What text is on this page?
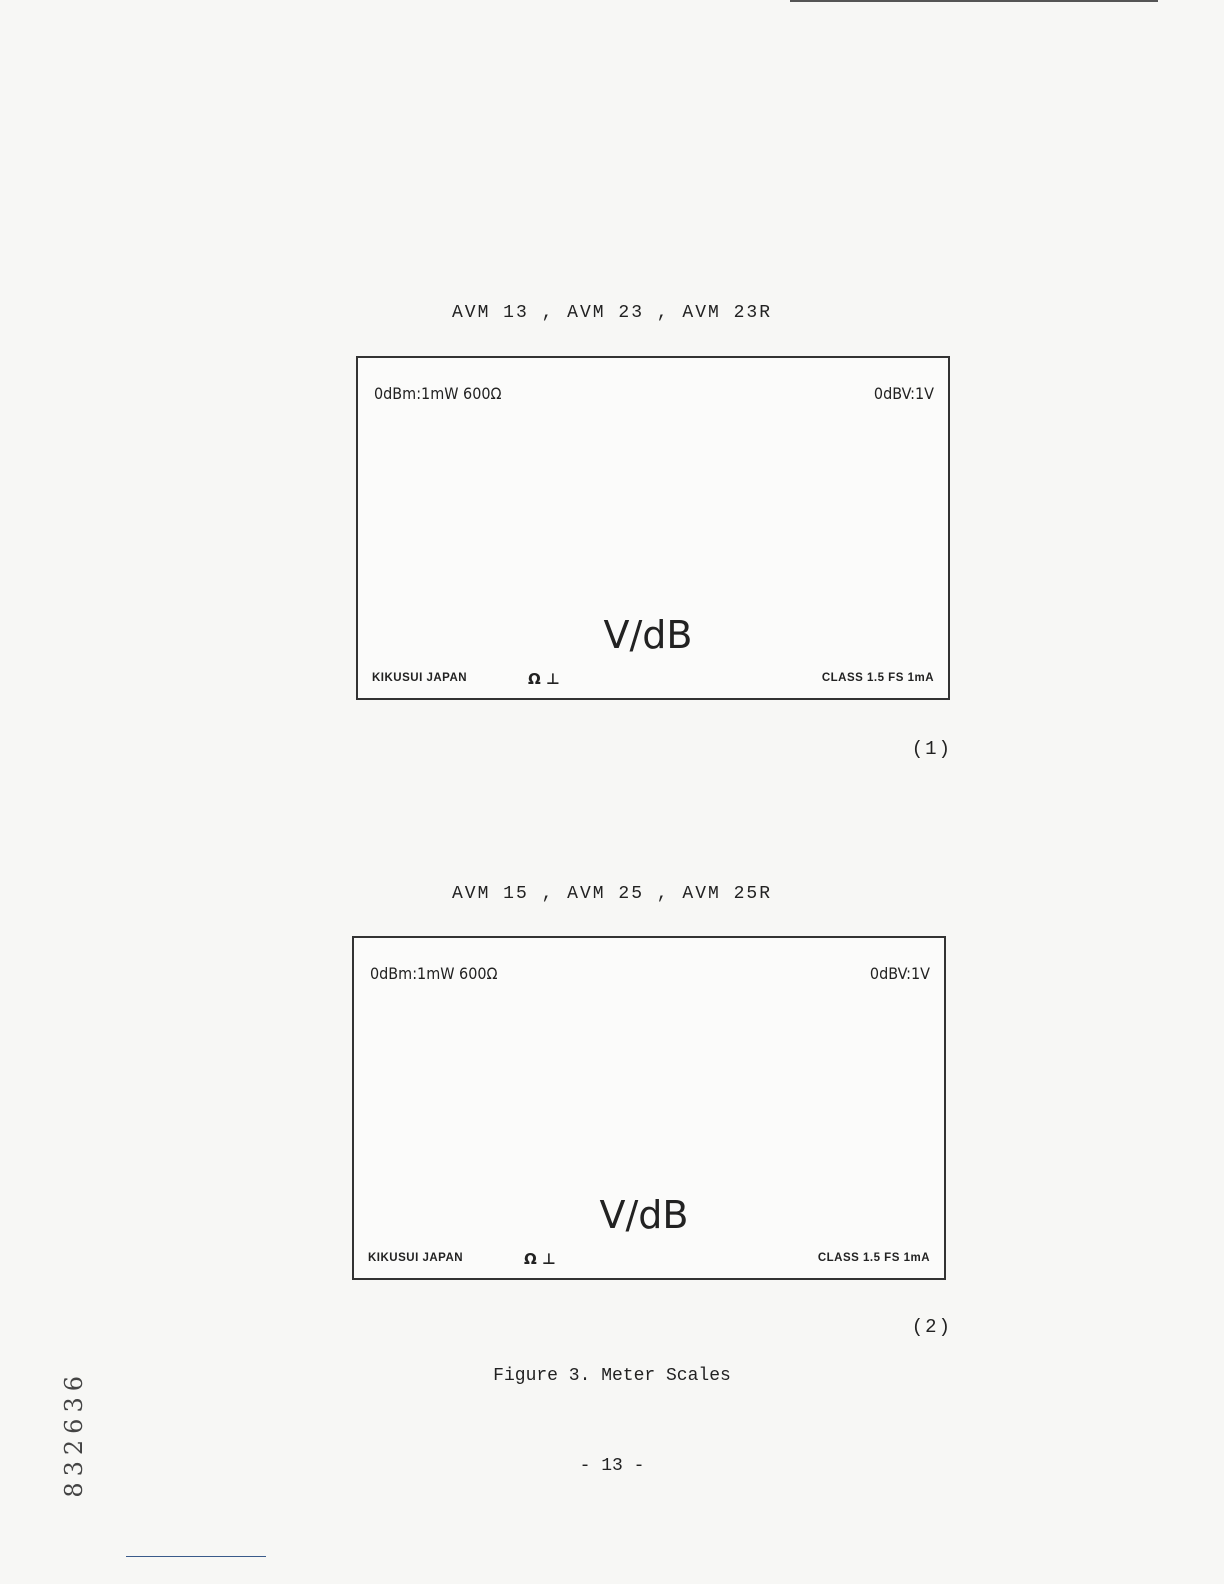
AVM 13 , AVM 23 , AVM 23R
0dBm:1mW 600Ω	0dBV:1V
V/dB
KIKUSUI JAPAN	Ω ⊥	CLASS 1.5 FS 1mA
(1)
AVM 15 , AVM 25 , AVM 25R
0dBm:1mW 600Ω	0dBV:1V
V/dB
KIKUSUI JAPAN	Ω ⊥	CLASS 1.5 FS 1mA
(2)
Figure 3. Meter Scales
- 13 -
832636
